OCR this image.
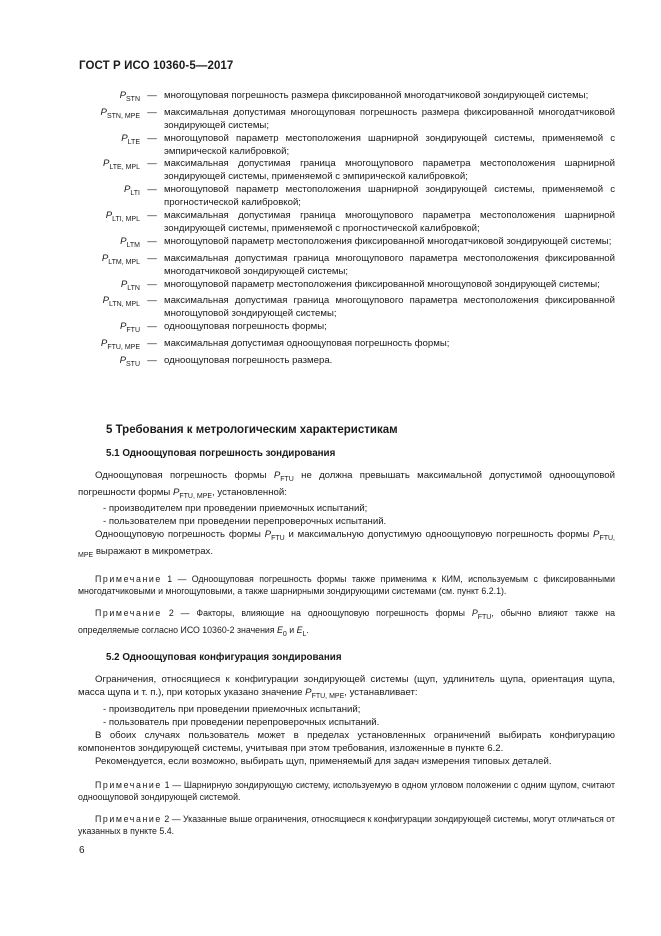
ГОСТ Р ИСО 10360-5—2017
$P_{STN}$ — многощуповая погрешность размера фиксированной многодатчиковой зондирующей системы;
$P_{STN, MPE}$ — максимальная допустимая многощуповая погрешность размера фиксированной многодатчиковой зондирующей системы;
$P_{LTE}$ — многощуповой параметр местоположения шарнирной зондирующей системы, применяемой с эмпирической калибровкой;
$P_{LTE, MPL}$ — максимальная допустимая граница многощупового параметра местоположения шарнирной зондирующей системы, применяемой с эмпирической калибровкой;
$P_{LTI}$ — многощуповой параметр местоположения шарнирной зондирующей системы, применяемой с прогностической калибровкой;
$P_{LTI, MPL}$ — максимальная допустимая граница многощупового параметра местоположения шарнирной зондирующей системы, применяемой с прогностической калибровкой;
$P_{LTM}$ — многощуповой параметр местоположения фиксированной многодатчиковой зондирующей системы;
$P_{LTM, MPL}$ — максимальная допустимая граница многощупового параметра местоположения фиксированной многодатчиковой зондирующей системы;
$P_{LTN}$ — многощуповой параметр местоположения фиксированной многощуповой зондирующей системы;
$P_{LTN, MPL}$ — максимальная допустимая граница многощупового параметра местоположения фиксированной многощуповой зондирующей системы;
$P_{FTU}$ — одноощуповая погрешность формы;
$P_{FTU, MPE}$ — максимальная допустимая одноощуповая погрешность формы;
$P_{STU}$ — одноощуповая погрешность размера.
5 Требования к метрологическим характеристикам
5.1 Одноощуповая погрешность зондирования
Одноощуповая погрешность формы $P_{FTU}$ не должна превышать максимальной допустимой одноощуповой погрешности формы $P_{FTU, MPE}$, установленной:
- производителем при проведении приемочных испытаний;
- пользователем при проведении перепроверочных испытаний.
Одноощуповую погрешность формы $P_{FTU}$ и максимальную допустимую одноощуповую погрешность формы $P_{FTU, MPE}$ выражают в микрометрах.
Примечание 1 — Одноощуповая погрешность формы также применима к КИМ, используемым с фиксированными многодатчиковыми и многощуповыми, а также шарнирными зондирующими системами (см. пункт 6.2.1).
Примечание 2 — Факторы, влияющие на одноощуповую погрешность формы $P_{FTU}$, обычно влияют также на определяемые согласно ИСО 10360-2 значения $E_0$ и $E_L$.
5.2 Одноощуповая конфигурация зондирования
Ограничения, относящиеся к конфигурации зондирующей системы (щуп, удлинитель щупа, ориентация щупа, масса щупа и т. п.), при которых указано значение $P_{FTU, MPE}$, устанавливает:
- производитель при проведении приемочных испытаний;
- пользователь при проведении перепроверочных испытаний.
В обоих случаях пользователь может в пределах установленных ограничений выбирать конфигурацию компонентов зондирующей системы, учитывая при этом требования, изложенные в пункте 6.2.
Рекомендуется, если возможно, выбирать щуп, применяемый для задач измерения типовых деталей.
Примечание 1 — Шарнирную зондирующую систему, используемую в одном угловом положении с одним щупом, считают одноощуповой зондирующей системой.
Примечание 2 — Указанные выше ограничения, относящиеся к конфигурации зондирующей системы, могут отличаться от указанных в пункте 5.4.
6
